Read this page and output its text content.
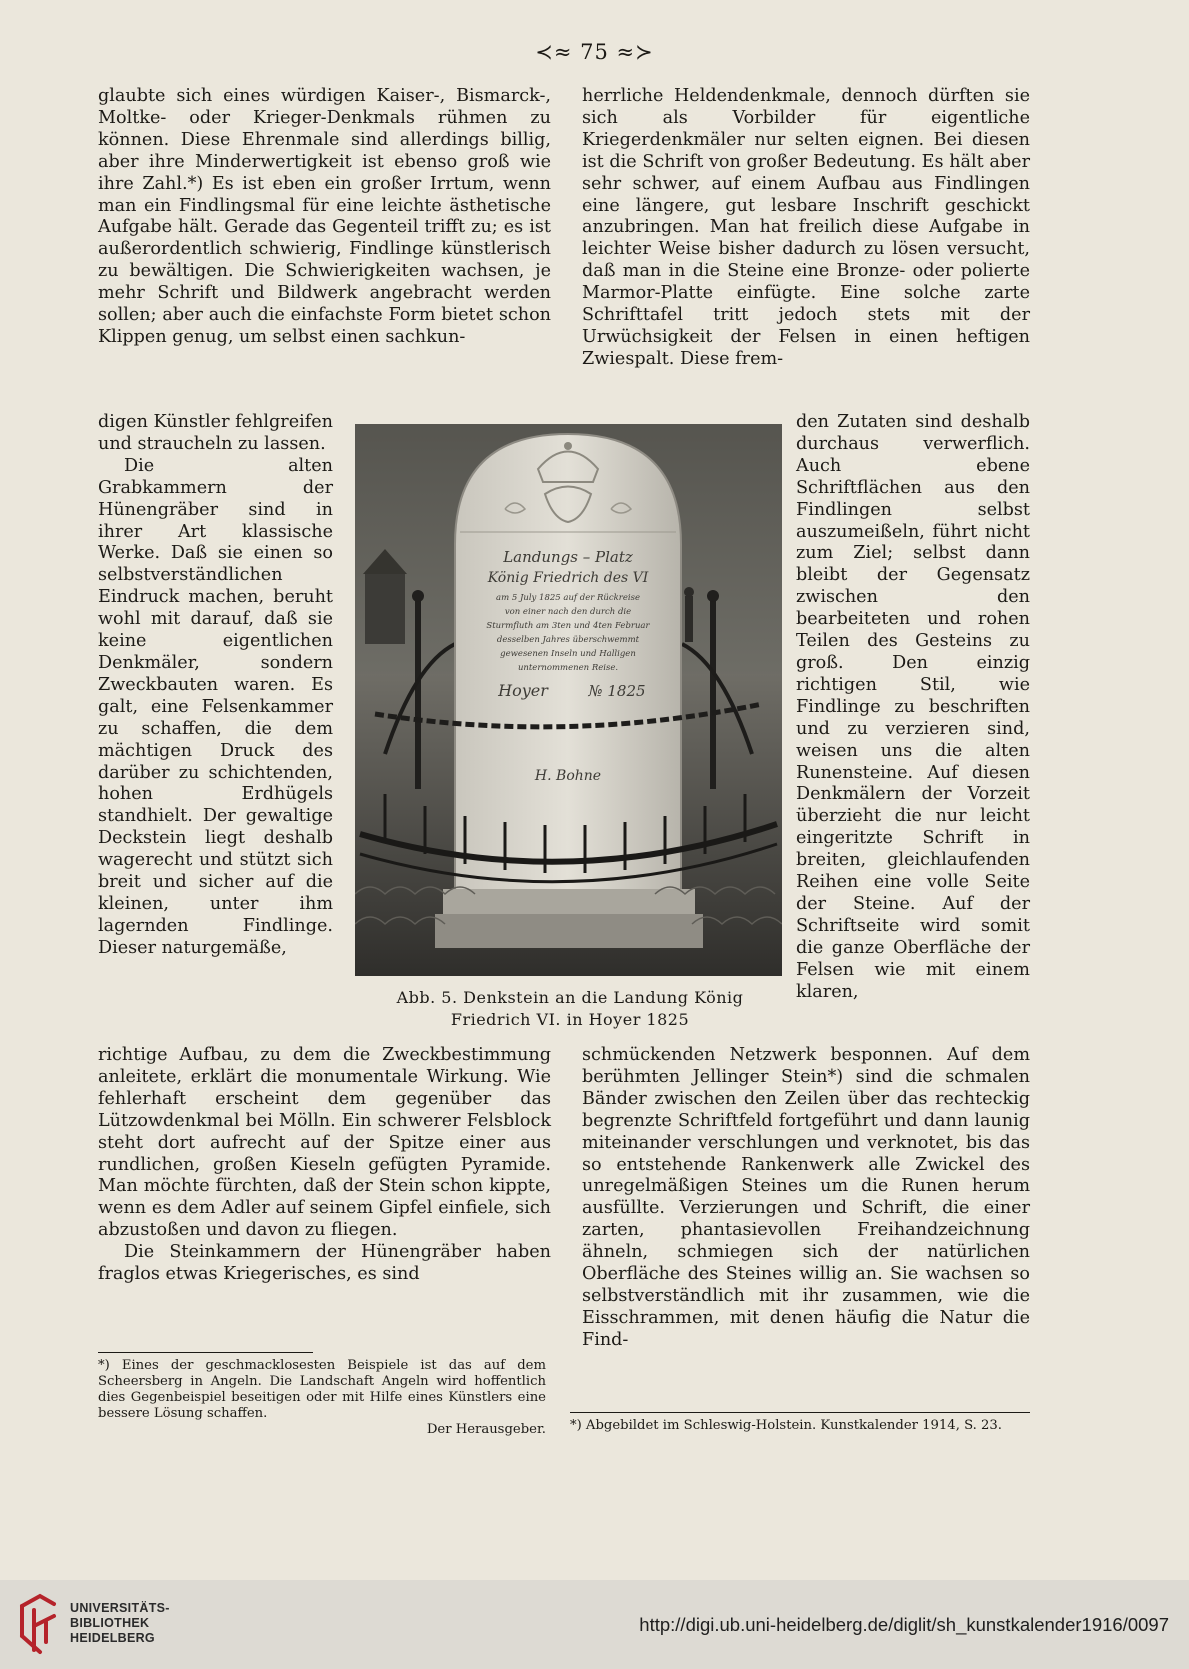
≺≈ 75 ≈≻

glaubte sich eines würdigen Kaiser-, Bismarck-, Moltke- oder Krieger-Denkmals rühmen zu können. Diese Ehrenmale sind allerdings billig, aber ihre Minderwertigkeit ist ebenso groß wie ihre Zahl.*) Es ist eben ein großer Irrtum, wenn man ein Findlingsmal für eine leichte ästhetische Aufgabe hält. Gerade das Gegenteil trifft zu; es ist außerordentlich schwierig, Findlinge künstlerisch zu bewältigen. Die Schwierigkeiten wachsen, je mehr Schrift und Bildwerk angebracht werden sollen; aber auch die einfachste Form bietet schon Klippen genug, um selbst einen sachkun-

herrliche Heldendenkmale, dennoch dürften sie sich als Vorbilder für eigentliche Kriegerdenkmäler nur selten eignen. Bei diesen ist die Schrift von großer Bedeutung. Es hält aber sehr schwer, auf einem Aufbau aus Findlingen eine längere, gut lesbare Inschrift geschickt anzubringen. Man hat freilich diese Aufgabe in leichter Weise bisher dadurch zu lösen versucht, daß man in die Steine eine Bronze- oder polierte Marmor-Platte einfügte. Eine solche zarte Schrifttafel tritt jedoch stets mit der Urwüchsigkeit der Felsen in einen heftigen Zwiespalt. Diese frem-

digen Künstler fehlgreifen und straucheln zu lassen.

Die alten Grabkammern der Hünengräber sind in ihrer Art klassische Werke. Daß sie einen so selbstverständlichen Eindruck machen, beruht wohl mit darauf, daß sie keine eigentlichen Denkmäler, sondern Zweckbauten waren. Es galt, eine Felsenkammer zu schaffen, die dem mächtigen Druck des darüber zu schichtenden, hohen Erdhügels standhielt. Der gewaltige Deckstein liegt deshalb wagerecht und stützt sich breit und sicher auf die kleinen, unter ihm lagernden Findlinge. Dieser naturgemäße,

den Zutaten sind deshalb durchaus verwerflich. Auch ebene Schriftflächen aus den Findlingen selbst auszumeißeln, führt nicht zum Ziel; selbst dann bleibt der Gegensatz zwischen den bearbeiteten und rohen Teilen des Gesteins zu groß. Den einzig richtigen Stil, wie Findlinge zu beschriften und zu verzieren sind, weisen uns die alten Runensteine. Auf diesen Denkmälern der Vorzeit überzieht die nur leicht eingeritzte Schrift in breiten, gleichlaufenden Reihen eine volle Seite der Steine. Auf der Schriftseite wird somit die ganze Oberfläche der Felsen wie mit einem klaren,

Landungs – Platz
König Friedrich des VI
am 5 July 1825 auf der Rückreise
von einer nach den durch die
Sturmfluth am 3ten und 4ten Februar
desselben Jahres überschwemmt
gewesenen Inseln und Halligen
unternommenen Reise.
Hoyer	№ 1825
H. Bohne
Abb. 5. Denkstein an die Landung König
Friedrich VI. in Hoyer 1825

richtige Aufbau, zu dem die Zweckbestimmung anleitete, erklärt die monumentale Wirkung. Wie fehlerhaft erscheint dem gegenüber das Lützowdenkmal bei Mölln. Ein schwerer Felsblock steht dort aufrecht auf der Spitze einer aus rundlichen, großen Kieseln gefügten Pyramide. Man möchte fürchten, daß der Stein schon kippte, wenn es dem Adler auf seinem Gipfel einfiele, sich abzustoßen und davon zu fliegen.

Die Steinkammern der Hünengräber haben fraglos etwas Kriegerisches, es sind

schmückenden Netzwerk besponnen. Auf dem berühmten Jellinger Stein*) sind die schmalen Bänder zwischen den Zeilen über das rechteckig begrenzte Schriftfeld fortgeführt und dann launig miteinander verschlungen und verknotet, bis das so entstehende Rankenwerk alle Zwickel des unregelmäßigen Steines um die Runen herum ausfüllte. Verzierungen und Schrift, die einer zarten, phantasievollen Freihandzeichnung ähneln, schmiegen sich der natürlichen Oberfläche des Steines willig an. Sie wachsen so selbstverständlich mit ihr zusammen, wie die Eisschrammen, mit denen häufig die Natur die Find-

*) Eines der geschmacklosesten Beispiele ist das auf dem Scheersberg in Angeln. Die Landschaft Angeln wird hoffentlich dies Gegenbeispiel beseitigen oder mit Hilfe eines Künstlers eine bessere Lösung schaffen.
Der Herausgeber. *) Abgebildet im Schleswig-Holstein. Kunstkalender 1914, S. 23.
UNIVERSITÄTS-
BIBLIOTHEK
HEIDELBERG
http://digi.ub.uni-heidelberg.de/diglit/sh_kunstkalender1916/0097
